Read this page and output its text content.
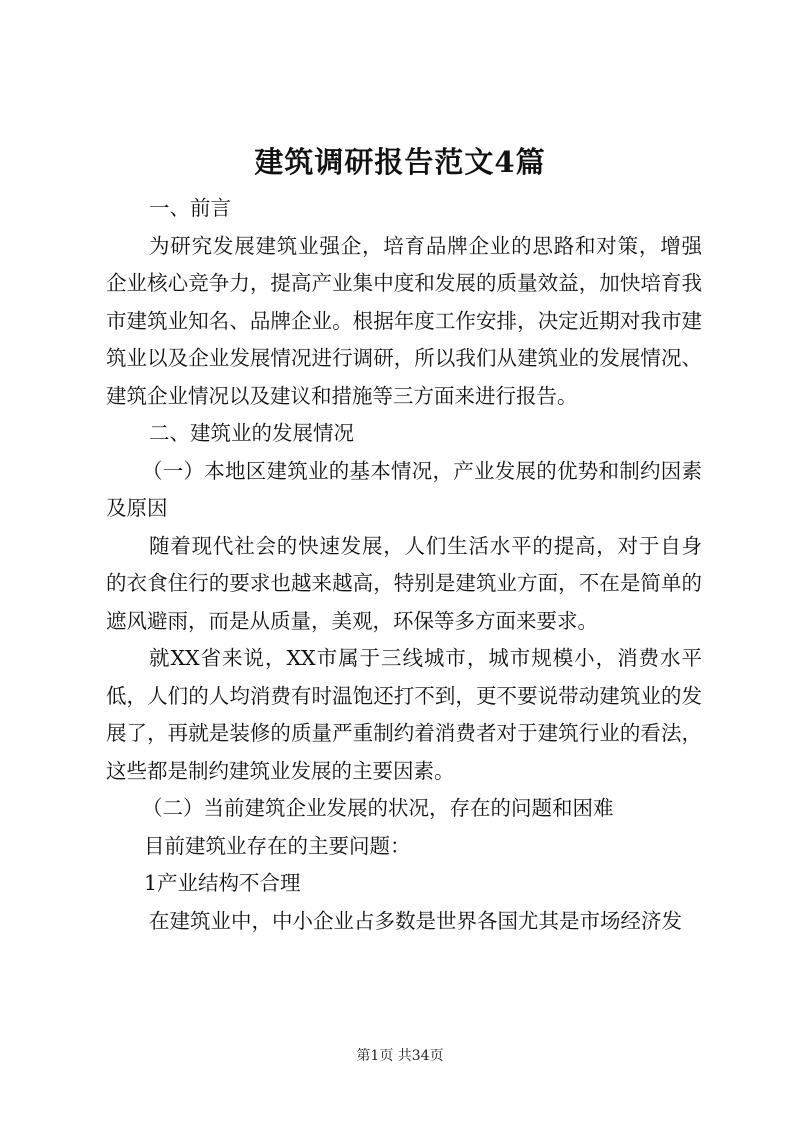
建筑调研报告范文4篇

一、前言

为研究发展建筑业强企，培育品牌企业的思路和对策，增强企业核心竞争力，提高产业集中度和发展的质量效益，加快培育我市建筑业知名、品牌企业。根据年度工作安排，决定近期对我市建筑业以及企业发展情况进行调研，所以我们从建筑业的发展情况、建筑企业情况以及建议和措施等三方面来进行报告。

二、建筑业的发展情况

（一）本地区建筑业的基本情况，产业发展的优势和制约因素及原因

随着现代社会的快速发展，人们生活水平的提高，对于自身的衣食住行的要求也越来越高，特别是建筑业方面，不在是简单的遮风避雨，而是从质量，美观，环保等多方面来要求。

就XX省来说，XX市属于三线城市，城市规模小，消费水平低，人们的人均消费有时温饱还打不到，更不要说带动建筑业的发展了，再就是装修的质量严重制约着消费者对于建筑行业的看法，这些都是制约建筑业发展的主要因素。

（二）当前建筑企业发展的状况，存在的问题和困难

目前建筑业存在的主要问题：

1产业结构不合理

在建筑业中，中小企业占多数是世界各国尤其是市场经济发

第1页 共34页
